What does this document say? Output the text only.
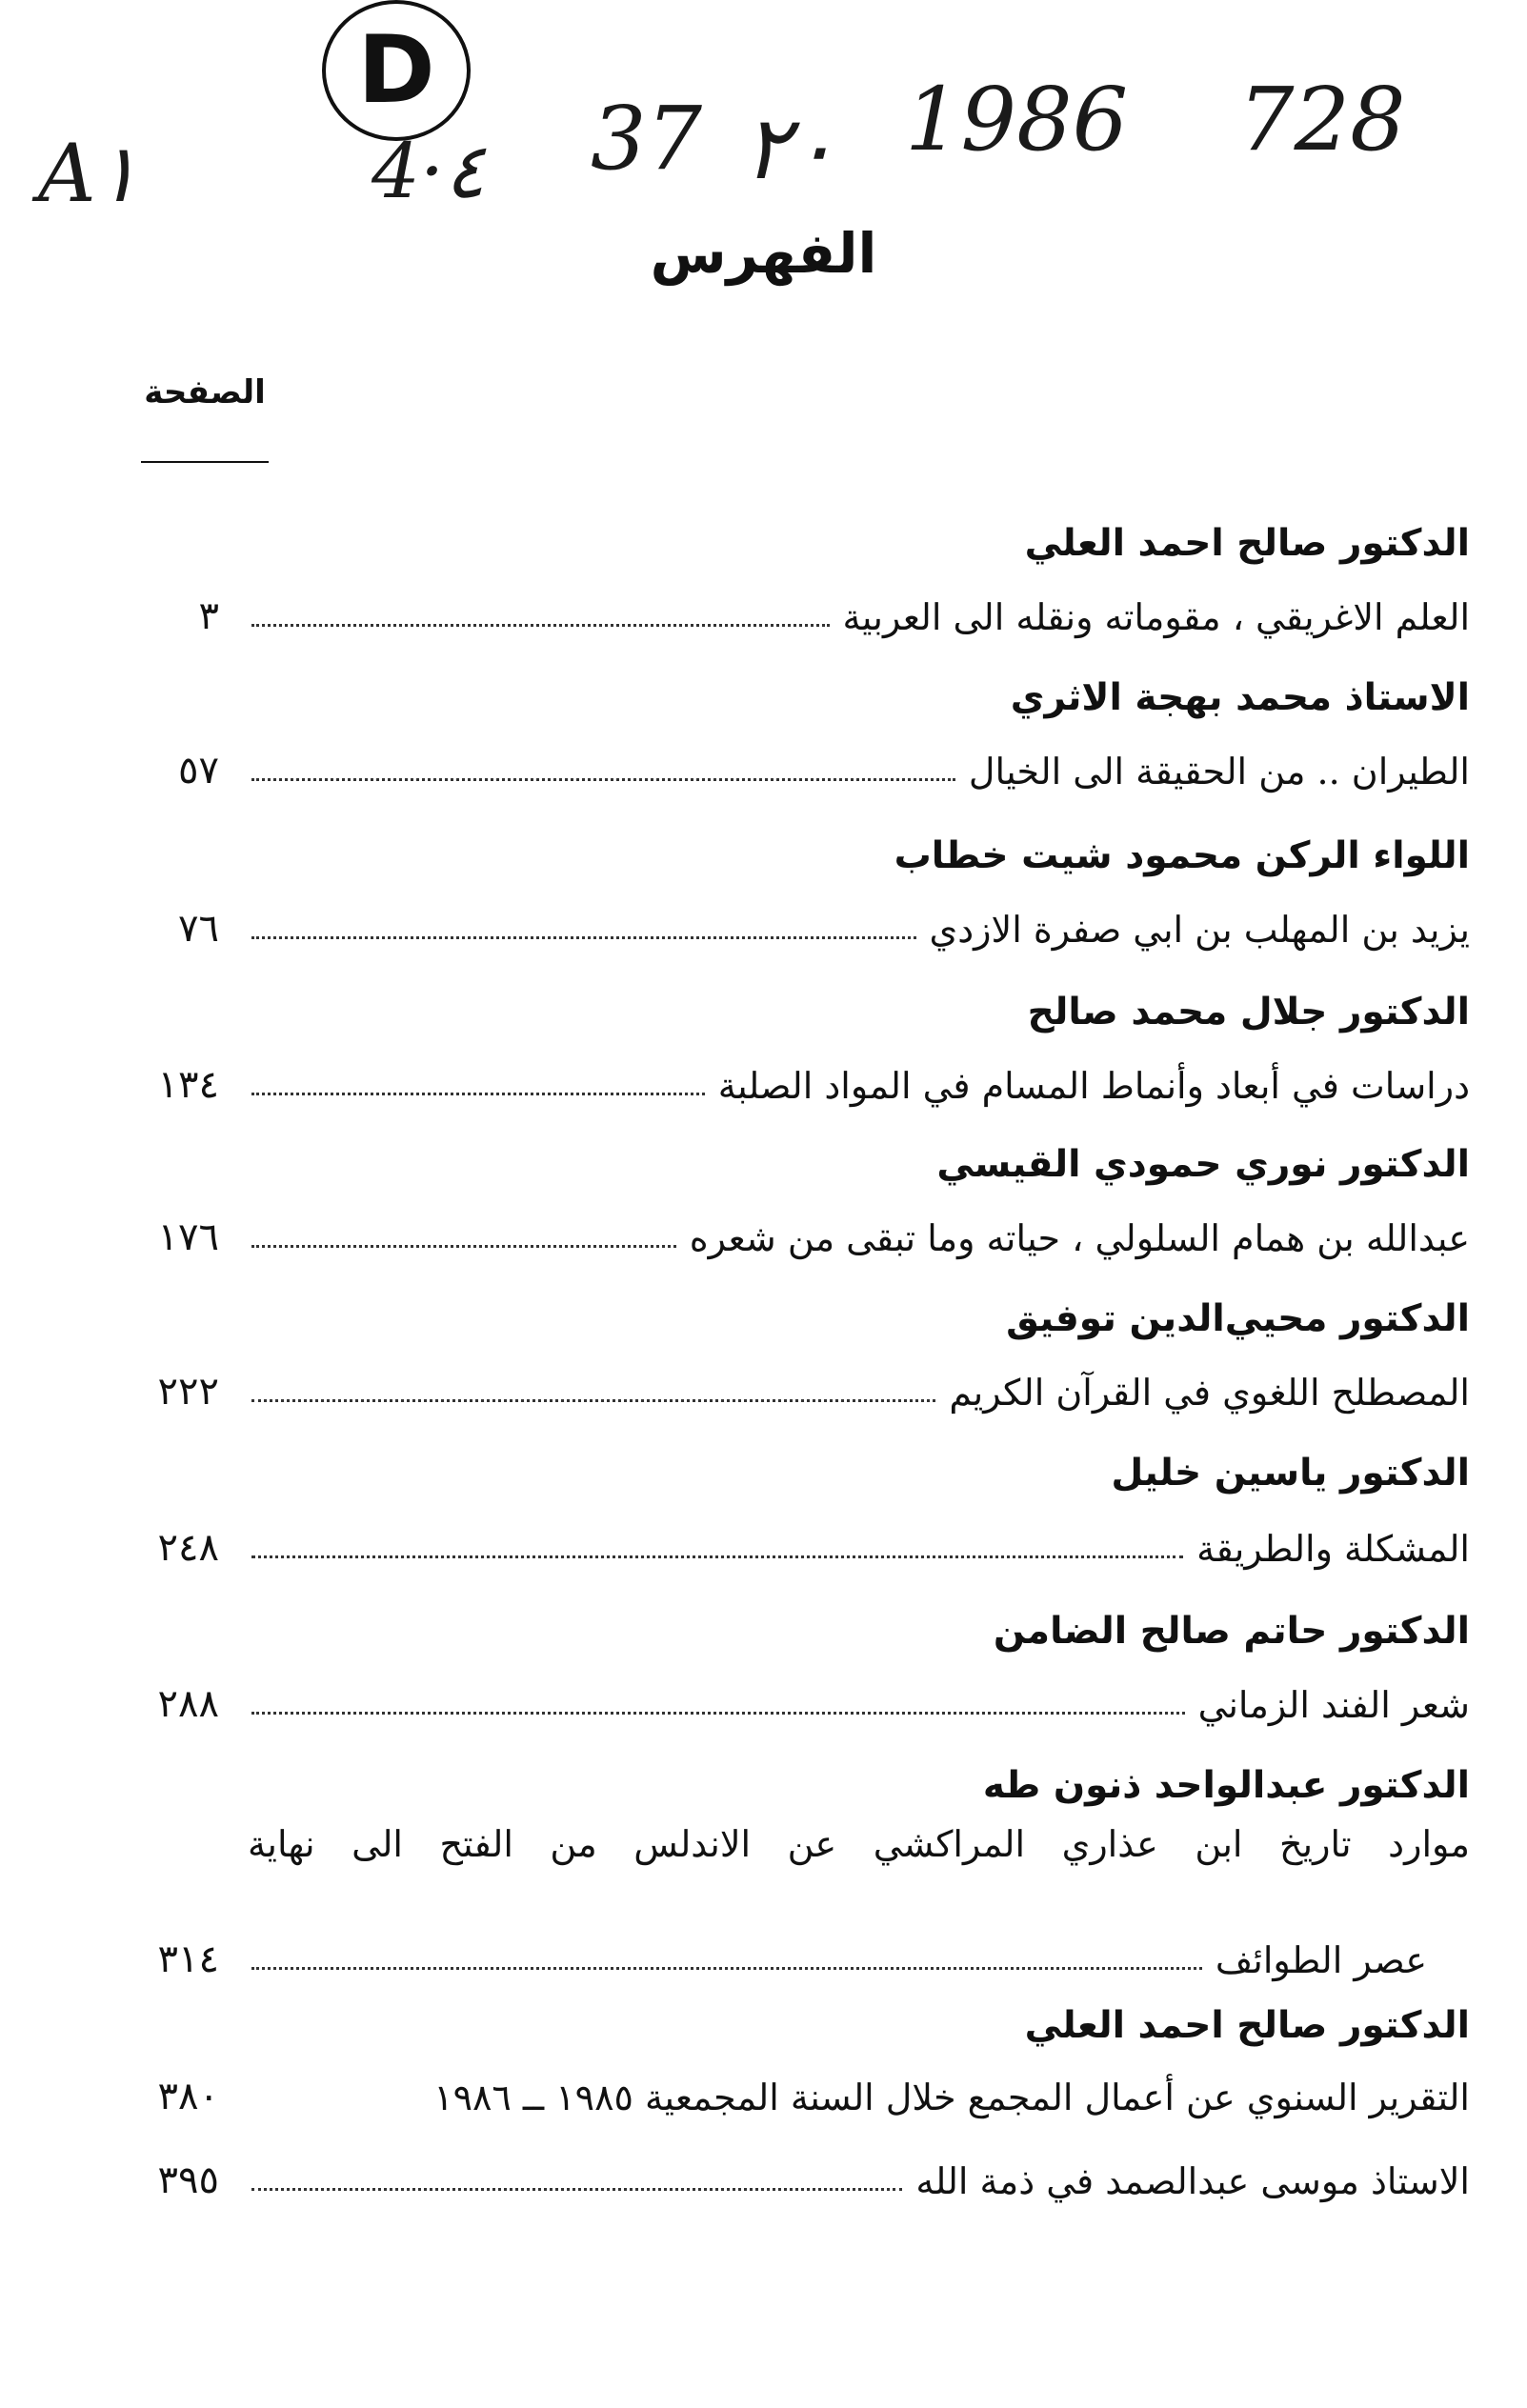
A١
D
4·٤ 37 ٢٠ 1986 728
الفهرس
الصفحة
الدكتور صالح احمد العلي
العلم الاغريقي ، مقوماته ونقله الى العربية
٣
الاستاذ محمد بهجة الاثري
الطيران .. من الحقيقة الى الخيال
٥٧
اللواء الركن محمود شيت خطاب
يزيد بن المهلب بن ابي صفرة الازدي
٧٦
الدكتور جلال محمد صالح
دراسات في أبعاد وأنماط المسام في المواد الصلبة
١٣٤
الدكتور نوري حمودي القيسي
عبدالله بن همام السلولي ، حياته وما تبقى من شعره
١٧٦
الدكتور محيي‌الدين توفيق
المصطلح اللغوي في القرآن الكريم
٢٢٢
الدكتور ياسين خليل
المشكلة والطريقة
٢٤٨
الدكتور حاتم صالح الضامن
شعر الفند الزماني
٢٨٨
الدكتور عبدالواحد ذنون طه
موارد تاريخ ابن عذاري المراكشي عن الاندلس من الفتح الى نهاية
عصر الطوائف
٣١٤
الدكتور صالح احمد العلي
التقرير السنوي عن أعمال المجمع خلال السنة المجمعية ١٩٨٥ ــ ١٩٨٦
٣٨٠
الاستاذ موسى عبدالصمد في ذمة الله
٣٩٥
